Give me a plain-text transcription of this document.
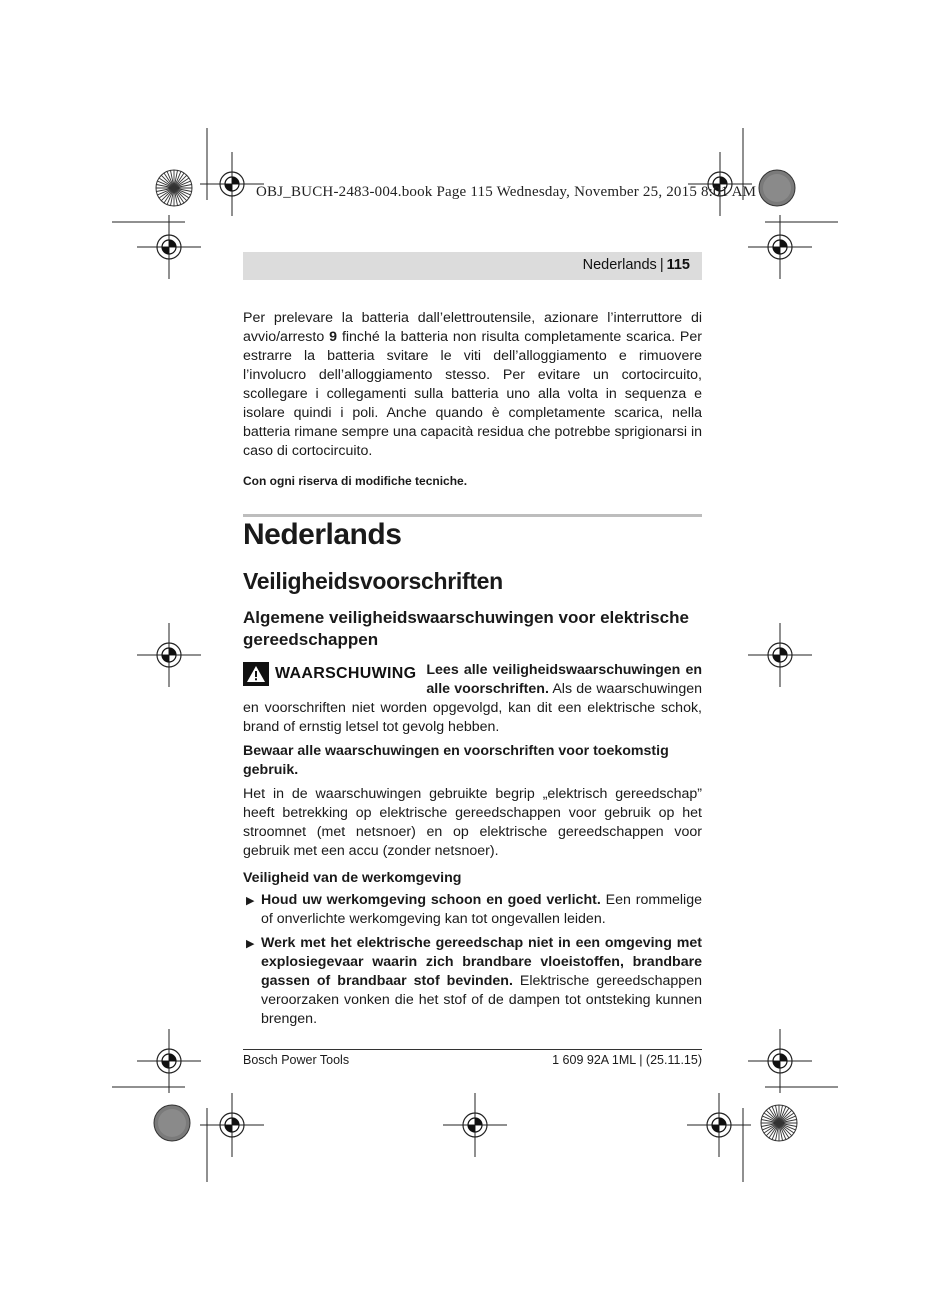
OBJ_BUCH-2483-004.book Page 115 Wednesday, November 25, 2015 8:01 AM
Nederlands | 115

Per prelevare la batteria dall’elettroutensile, azionare l’interruttore di avvio/arresto 9 finché la batteria non risulta completamente scarica. Per estrarre la batteria svitare le viti dell’alloggiamento e rimuovere l’involucro dell’alloggiamento stesso. Per evitare un cortocircuito, scollegare i collegamenti sulla batteria uno alla volta in sequenza e isolare quindi i poli. Anche quando è completamente scarica, nella batteria rimane sempre una capacità residua che potrebbe sprigionarsi in caso di cortocircuito.

Con ogni riserva di modifiche tecniche.

Nederlands
Veiligheidsvoorschriften
Algemene veiligheidswaarschuwingen voor elektrische gereedschappen
WAARSCHUWING Lees alle veiligheidswaarschuwingen en alle voorschriften. Als de waarschuwingen en voorschriften niet worden opgevolgd, kan dit een elektrische schok, brand of ernstig letsel tot gevolg hebben.

Bewaar alle waarschuwingen en voorschriften voor toekomstig gebruik.

Het in de waarschuwingen gebruikte begrip „elektrisch gereedschap” heeft betrekking op elektrische gereedschappen voor gebruik op het stroomnet (met netsnoer) en op elektrische gereedschappen voor gebruik met een accu (zonder netsnoer).

Veiligheid van de werkomgeving

▶ Houd uw werkomgeving schoon en goed verlicht. Een rommelige of onverlichte werkomgeving kan tot ongevallen leiden.
▶ Werk met het elektrische gereedschap niet in een omgeving met explosiegevaar waarin zich brandbare vloeistoffen, brandbare gassen of brandbaar stof bevinden. Elektrische gereedschappen veroorzaken vonken die het stof of de dampen tot ontsteking kunnen brengen.
Bosch Power Tools	1 609 92A 1ML | (25.11.15)
